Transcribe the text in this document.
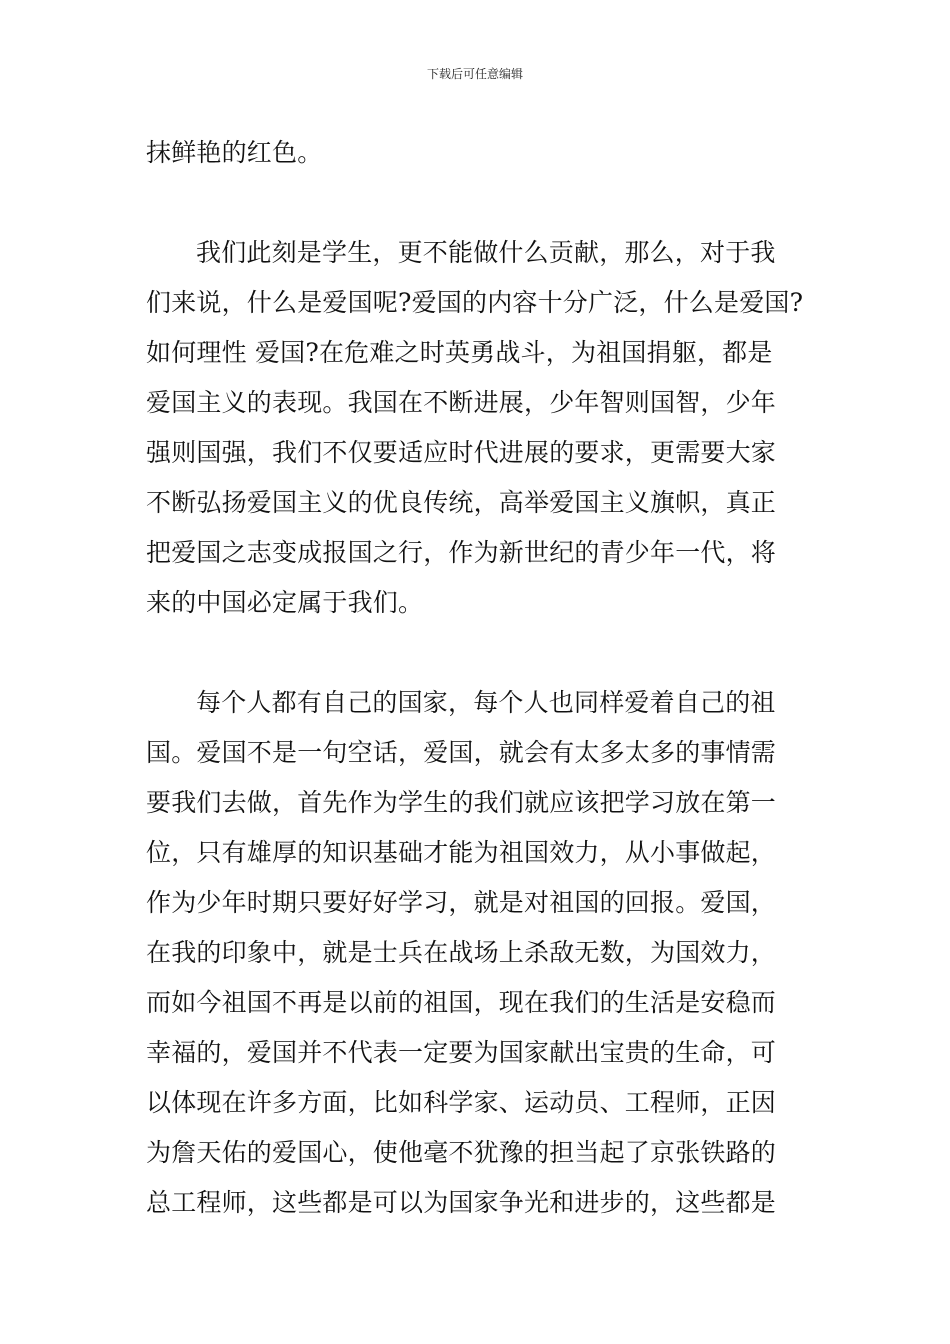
下载后可任意编辑
抹鲜艳的红色。
我们此刻是学生，更不能做什么贡献，那么，对于我
们来说，什么是爱国呢?爱国的内容十分广泛，什么是爱国?
如何理性 爱国?在危难之时英勇战斗，为祖国捐躯，都是
爱国主义的表现。我国在不断进展，少年智则国智，少年
强则国强，我们不仅要适应时代进展的要求，更需要大家
不断弘扬爱国主义的优良传统，高举爱国主义旗帜，真正
把爱国之志变成报国之行，作为新世纪的青少年一代，将
来的中国必定属于我们。
每个人都有自己的国家，每个人也同样爱着自己的祖
国。爱国不是一句空话，爱国，就会有太多太多的事情需
要我们去做，首先作为学生的我们就应该把学习放在第一
位，只有雄厚的知识基础才能为祖国效力，从小事做起，
作为少年时期只要好好学习，就是对祖国的回报。爱国，
在我的印象中，就是士兵在战场上杀敌无数，为国效力，
而如今祖国不再是以前的祖国，现在我们的生活是安稳而
幸福的，爱国并不代表一定要为国家献出宝贵的生命，可
以体现在许多方面，比如科学家、运动员、工程师，正因
为詹天佑的爱国心，使他毫不犹豫的担当起了京张铁路的
总工程师，这些都是可以为国家争光和进步的，这些都是
